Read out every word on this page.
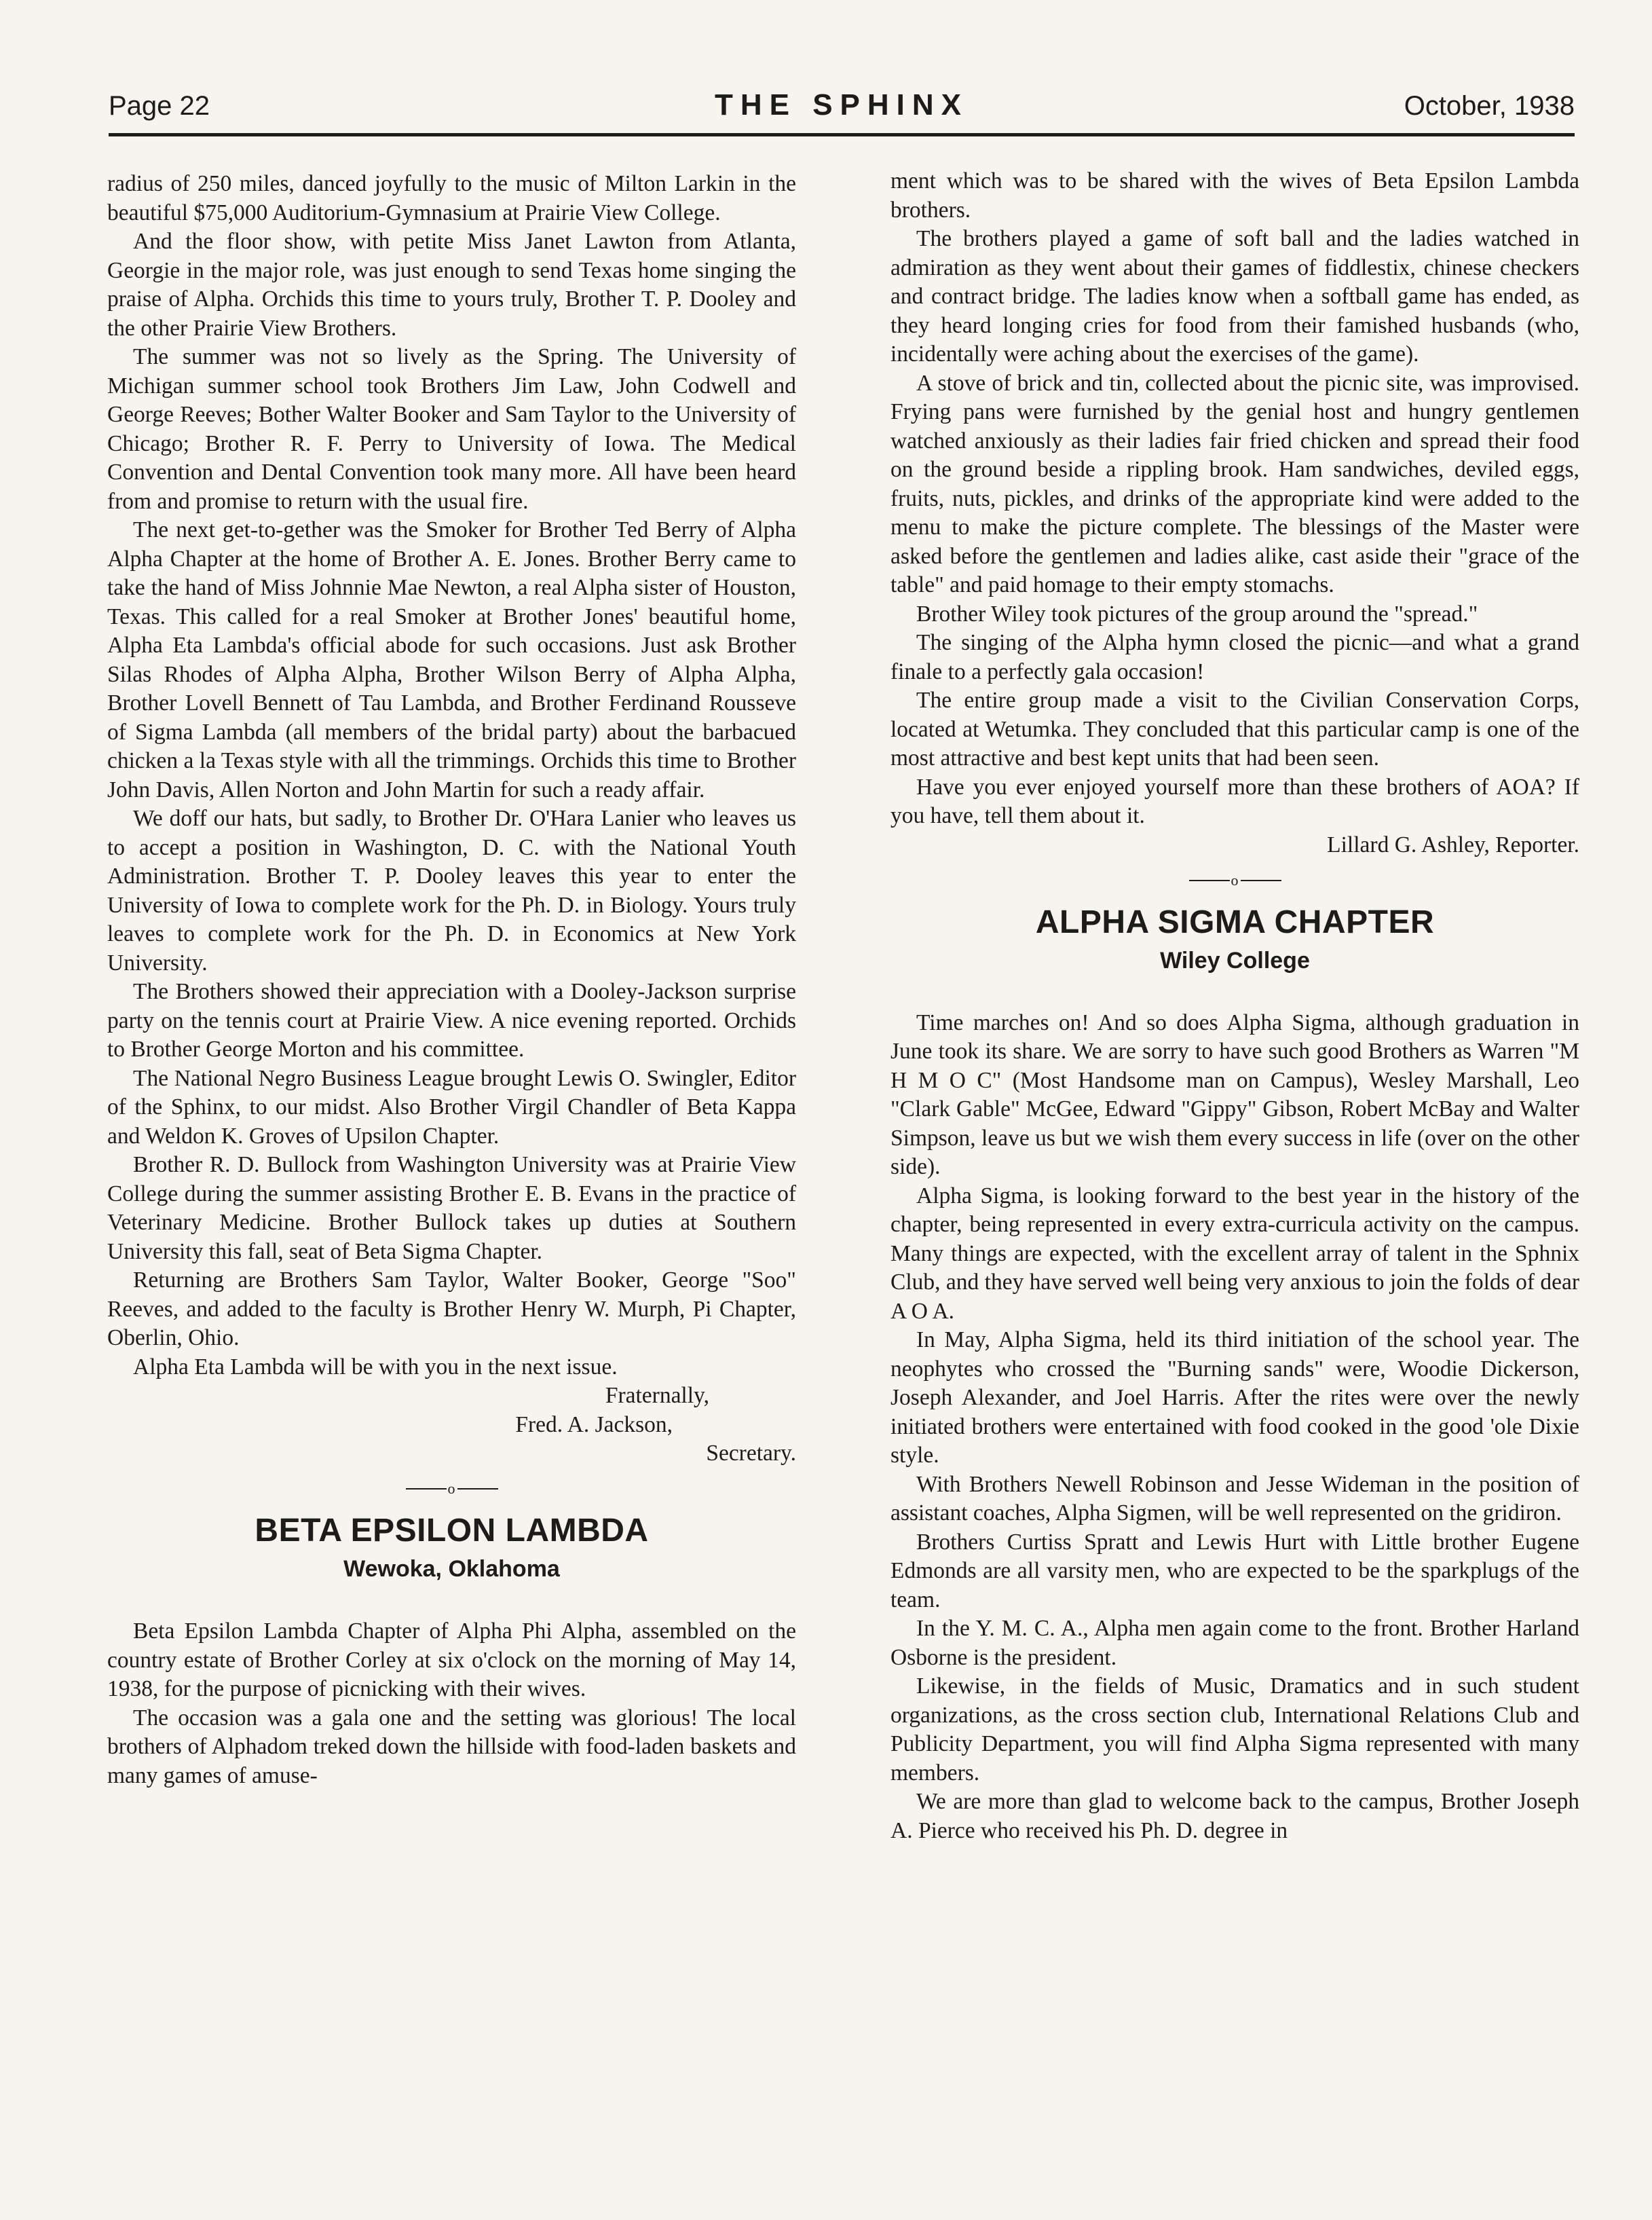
Page 22	THE SPHINX	October, 1938

radius of 250 miles, danced joyfully to the music of Milton Larkin in the beautiful $75,000 Auditorium-Gymnasium at Prairie View College.

And the floor show, with petite Miss Janet Lawton from Atlanta, Georgie in the major role, was just enough to send Texas home singing the praise of Alpha. Orchids this time to yours truly, Brother T. P. Dooley and the other Prairie View Brothers.

The summer was not so lively as the Spring. The University of Michigan summer school took Brothers Jim Law, John Codwell and George Reeves; Bother Walter Booker and Sam Taylor to the University of Chicago; Brother R. F. Perry to University of Iowa. The Medical Convention and Dental Convention took many more. All have been heard from and promise to return with the usual fire.

The next get-to-gether was the Smoker for Brother Ted Berry of Alpha Alpha Chapter at the home of Brother A. E. Jones. Brother Berry came to take the hand of Miss Johnnie Mae Newton, a real Alpha sister of Houston, Texas. This called for a real Smoker at Brother Jones' beautiful home, Alpha Eta Lambda's official abode for such occasions. Just ask Brother Silas Rhodes of Alpha Alpha, Brother Wilson Berry of Alpha Alpha, Brother Lovell Bennett of Tau Lambda, and Brother Ferdinand Rousseve of Sigma Lambda (all members of the bridal party) about the barbacued chicken a la Texas style with all the trimmings. Orchids this time to Brother John Davis, Allen Norton and John Martin for such a ready affair.

We doff our hats, but sadly, to Brother Dr. O'Hara Lanier who leaves us to accept a position in Washington, D. C. with the National Youth Administration. Brother T. P. Dooley leaves this year to enter the University of Iowa to complete work for the Ph. D. in Biology. Yours truly leaves to complete work for the Ph. D. in Economics at New York University.

The Brothers showed their appreciation with a Dooley-Jackson surprise party on the tennis court at Prairie View. A nice evening reported. Orchids to Brother George Morton and his committee.

The National Negro Business League brought Lewis O. Swingler, Editor of the Sphinx, to our midst. Also Brother Virgil Chandler of Beta Kappa and Weldon K. Groves of Upsilon Chapter.

Brother R. D. Bullock from Washington University was at Prairie View College during the summer assisting Brother E. B. Evans in the practice of Veterinary Medicine. Brother Bullock takes up duties at Southern University this fall, seat of Beta Sigma Chapter.

Returning are Brothers Sam Taylor, Walter Booker, George "Soo" Reeves, and added to the faculty is Brother Henry W. Murph, Pi Chapter, Oberlin, Ohio.

Alpha Eta Lambda will be with you in the next issue.

Fraternally,

Fred. A. Jackson,

Secretary.

o
BETA EPSILON LAMBDA
Wewoka, Oklahoma

Beta Epsilon Lambda Chapter of Alpha Phi Alpha, assembled on the country estate of Brother Corley at six o'clock on the morning of May 14, 1938, for the purpose of picnicking with their wives.

The occasion was a gala one and the setting was glorious! The local brothers of Alphadom treked down the hillside with food-laden baskets and many games of amuse-

ment which was to be shared with the wives of Beta Epsilon Lambda brothers.

The brothers played a game of soft ball and the ladies watched in admiration as they went about their games of fiddlestix, chinese checkers and contract bridge. The ladies know when a softball game has ended, as they heard longing cries for food from their famished husbands (who, incidentally were aching about the exercises of the game).

A stove of brick and tin, collected about the picnic site, was improvised. Frying pans were furnished by the genial host and hungry gentlemen watched anxiously as their ladies fair fried chicken and spread their food on the ground beside a rippling brook. Ham sandwiches, deviled eggs, fruits, nuts, pickles, and drinks of the appropriate kind were added to the menu to make the picture complete. The blessings of the Master were asked before the gentlemen and ladies alike, cast aside their "grace of the table" and paid homage to their empty stomachs.

Brother Wiley took pictures of the group around the "spread."

The singing of the Alpha hymn closed the picnic—and what a grand finale to a perfectly gala occasion!

The entire group made a visit to the Civilian Conservation Corps, located at Wetumka. They concluded that this particular camp is one of the most attractive and best kept units that had been seen.

Have you ever enjoyed yourself more than these brothers of AOA? If you have, tell them about it.

Lillard G. Ashley, Reporter.

o
ALPHA SIGMA CHAPTER
Wiley College

Time marches on! And so does Alpha Sigma, although graduation in June took its share. We are sorry to have such good Brothers as Warren "M H M O C" (Most Handsome man on Campus), Wesley Marshall, Leo "Clark Gable" McGee, Edward "Gippy" Gibson, Robert McBay and Walter Simpson, leave us but we wish them every success in life (over on the other side).

Alpha Sigma, is looking forward to the best year in the history of the chapter, being represented in every extra-curricula activity on the campus. Many things are expected, with the excellent array of talent in the Sphnix Club, and they have served well being very anxious to join the folds of dear A O A.

In May, Alpha Sigma, held its third initiation of the school year. The neophytes who crossed the "Burning sands" were, Woodie Dickerson, Joseph Alexander, and Joel Harris. After the rites were over the newly initiated brothers were entertained with food cooked in the good 'ole Dixie style.

With Brothers Newell Robinson and Jesse Wideman in the position of assistant coaches, Alpha Sigmen, will be well represented on the gridiron.

Brothers Curtiss Spratt and Lewis Hurt with Little brother Eugene Edmonds are all varsity men, who are expected to be the sparkplugs of the team.

In the Y. M. C. A., Alpha men again come to the front. Brother Harland Osborne is the president.

Likewise, in the fields of Music, Dramatics and in such student organizations, as the cross section club, International Relations Club and Publicity Department, you will find Alpha Sigma represented with many members.

We are more than glad to welcome back to the campus, Brother Joseph A. Pierce who received his Ph. D. degree in
